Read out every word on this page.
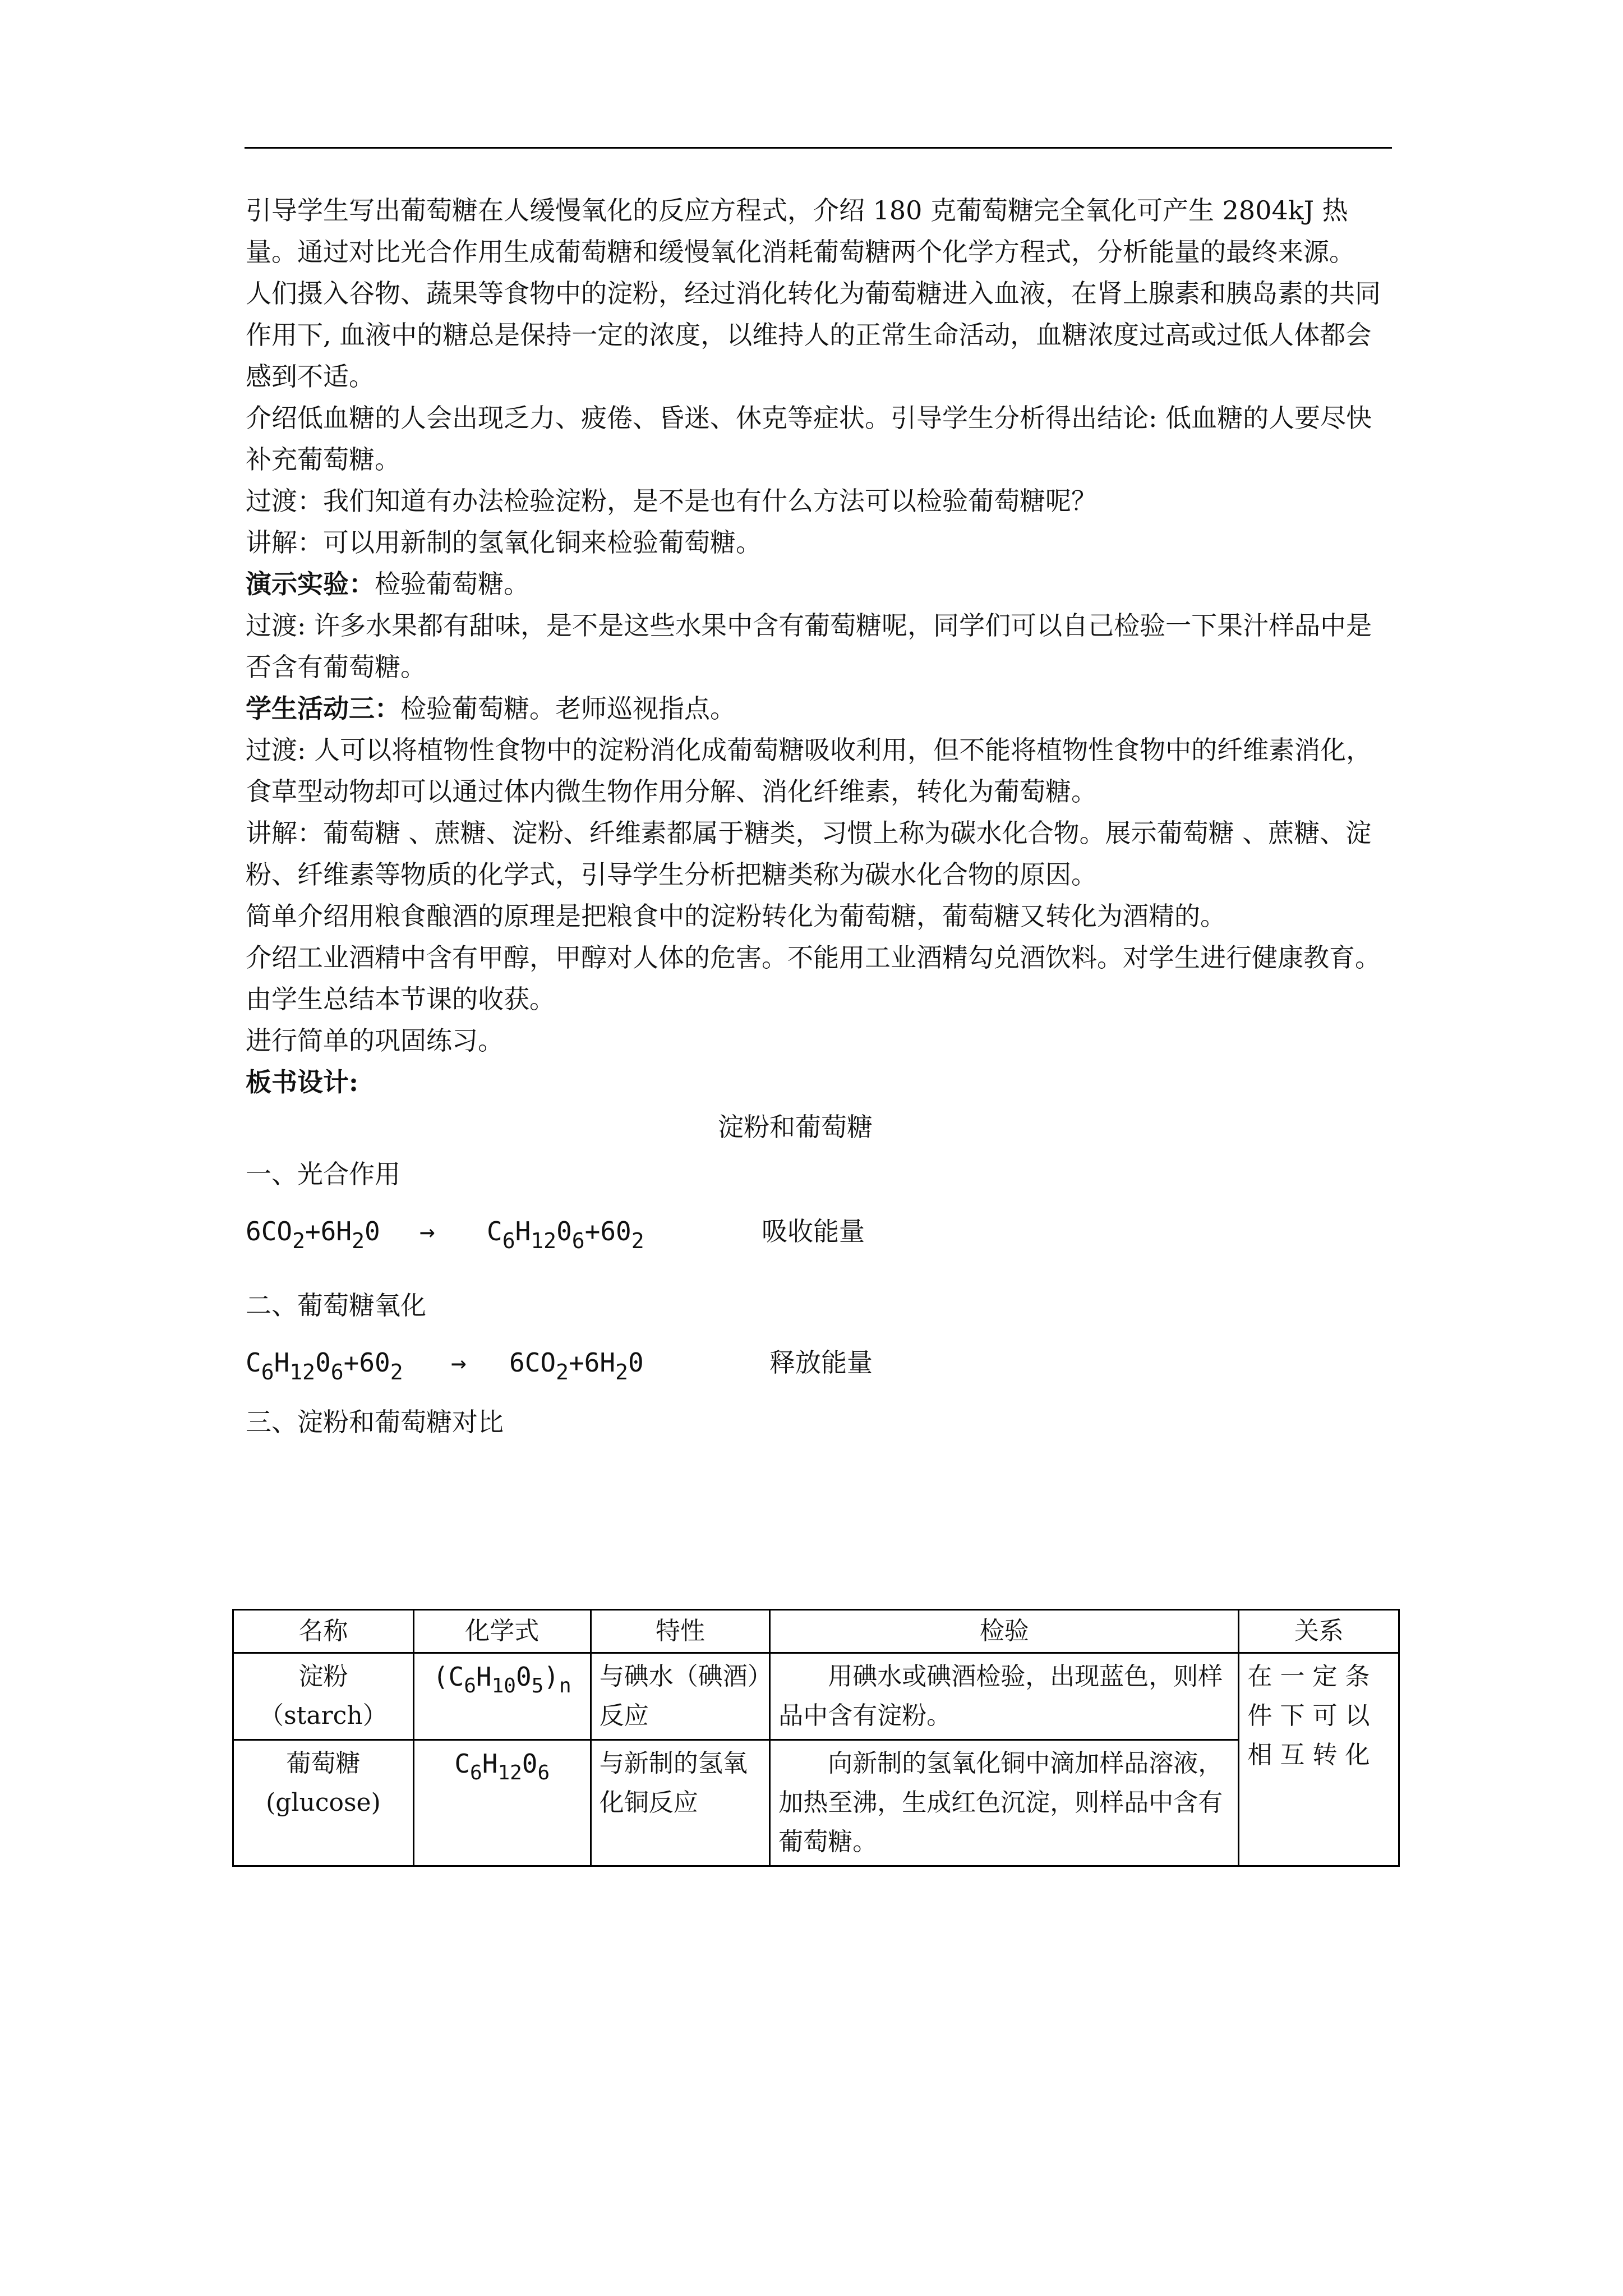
引导学生写出葡萄糖在人缓慢氧化的反应方程式，介绍 180 克葡萄糖完全氧化可产生 2804kJ 热量。通过对比光合作用生成葡萄糖和缓慢氧化消耗葡萄糖两个化学方程式，分析能量的最终来源。

人们摄入谷物、蔬果等食物中的淀粉，经过消化转化为葡萄糖进入血液，在肾上腺素和胰岛素的共同作用下, 血液中的糖总是保持一定的浓度，以维持人的正常生命活动，血糖浓度过高或过低人体都会感到不适。

介绍低血糖的人会出现乏力、疲倦、昏迷、休克等症状。引导学生分析得出结论: 低血糖的人要尽快补充葡萄糖。

过渡：我们知道有办法检验淀粉，是不是也有什么方法可以检验葡萄糖呢？

讲解：可以用新制的氢氧化铜来检验葡萄糖。

演示实验：检验葡萄糖。

过渡: 许多水果都有甜味，是不是这些水果中含有葡萄糖呢，同学们可以自己检验一下果汁样品中是否含有葡萄糖。

学生活动三：检验葡萄糖。老师巡视指点。

过渡: 人可以将植物性食物中的淀粉消化成葡萄糖吸收利用，但不能将植物性食物中的纤维素消化，食草型动物却可以通过体内微生物作用分解、消化纤维素，转化为葡萄糖。

讲解：葡萄糖 、蔗糖、淀粉、纤维素都属于糖类，习惯上称为碳水化合物。展示葡萄糖 、蔗糖、淀粉、纤维素等物质的化学式，引导学生分析把糖类称为碳水化合物的原因。

简单介绍用粮食酿酒的原理是把粮食中的淀粉转化为葡萄糖，葡萄糖又转化为酒精的。

介绍工业酒精中含有甲醇，甲醇对人体的危害。不能用工业酒精勾兑酒饮料。对学生进行健康教育。

由学生总结本节课的收获。

进行简单的巩固练习。

板书设计:

淀粉和葡萄糖

一、光合作用

$6CO_2+6H_20 \to C_6H_{12}0_6+60_2$	吸收能量

二、葡萄糖氧化

$C_6H_{12}0_6+60_2 \to 6CO_2+6H_20$	释放能量

三、淀粉和葡萄糖对比

名称	化学式	特性	检验	关系

淀粉
（starch）	$(C_6H_{10}0_5)_n$	与碘水（碘酒）反应	用碘水或碘酒检验，出现蓝色，则样品中含有淀粉。	在一定条件下可以相互转化

葡萄糖
(glucose)	$C_6H_{12}0_6$	与新制的氢氧化铜反应	向新制的氢氧化铜中滴加样品溶液，加热至沸，生成红色沉淀，则样品中含有葡萄糖。	
